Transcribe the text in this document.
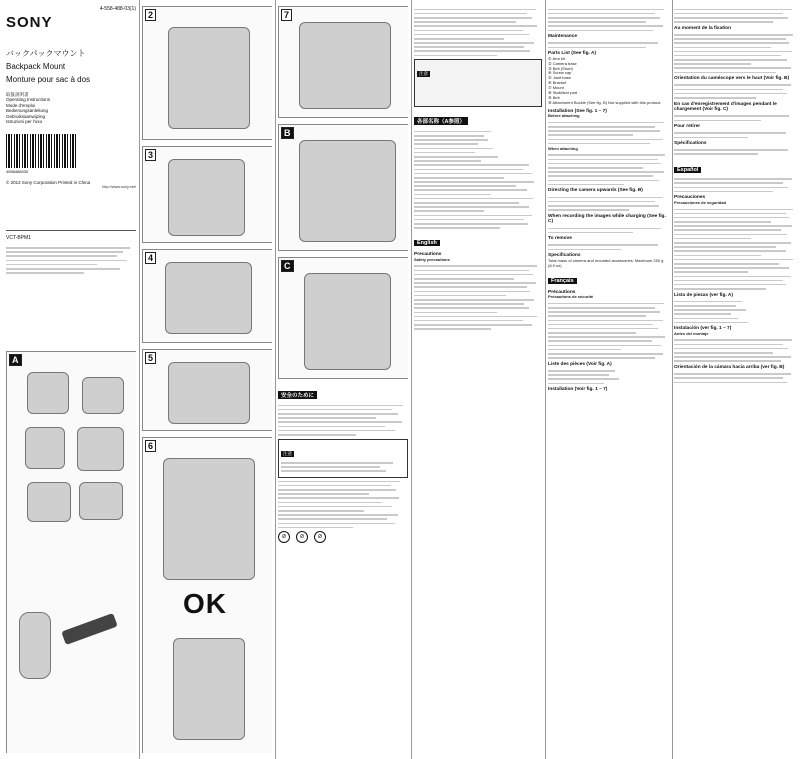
4-558-488-03(1)
SONY
バックパックマウント
Backpack Mount
Monture pour sac à dos
取扱説明書
Operating Instructions
Mode d'emploi
Bedienungsanleitung
Gebruiksaanwijzing
Istruzioni per l'uso
4558488030
© 2014 Sony Corporation Printed in China
http://www.sony.net/
VCT-BPM1
A
2
3
4
5
6
OK
7
B
C
安全のために
注意
⊘	⊘	⊘
注意
各部名称（A参照）
English
Precautions
Safety precautions
Maintenance
Parts List (See fig. A)
① Arm kit
② Camera base
③ Belt (Short)
④ Screw cap
⑤ Joint base
⑥ Bracket
⑦ Mount
⑧ Stabilizer part
⑨ Belt
⑩ Attachment Buckle (See fig. B) Not supplied with this product.
Installation (See fig. 1 – 7)
Before attaching
When attaching
Directing the camera upwards (See fig. B)
When recording the images while charging (See fig. C)
To remove
Specifications
Total mass of camera and mounted accessories. Maximum 250 g (8.9 oz)
Français
Précautions
Précautions de sécurité
Liste des pièces (Voir fig. A)
Installation (Voir fig. 1 – 7)
Au moment de la fixation
Orientation du caméscope vers le haut (Voir fig. B)
En cas d'enregistrement d'images pendant le chargement (Voir fig. C)
Pour retirer
Spécifications
Español
Precauciones
Precauciones de seguridad
Lista de piezas (ver fig. A)
Instalación (ver fig. 1 – 7)
Antes del montaje
Orientación de la cámara hacia arriba (ver fig. B)
